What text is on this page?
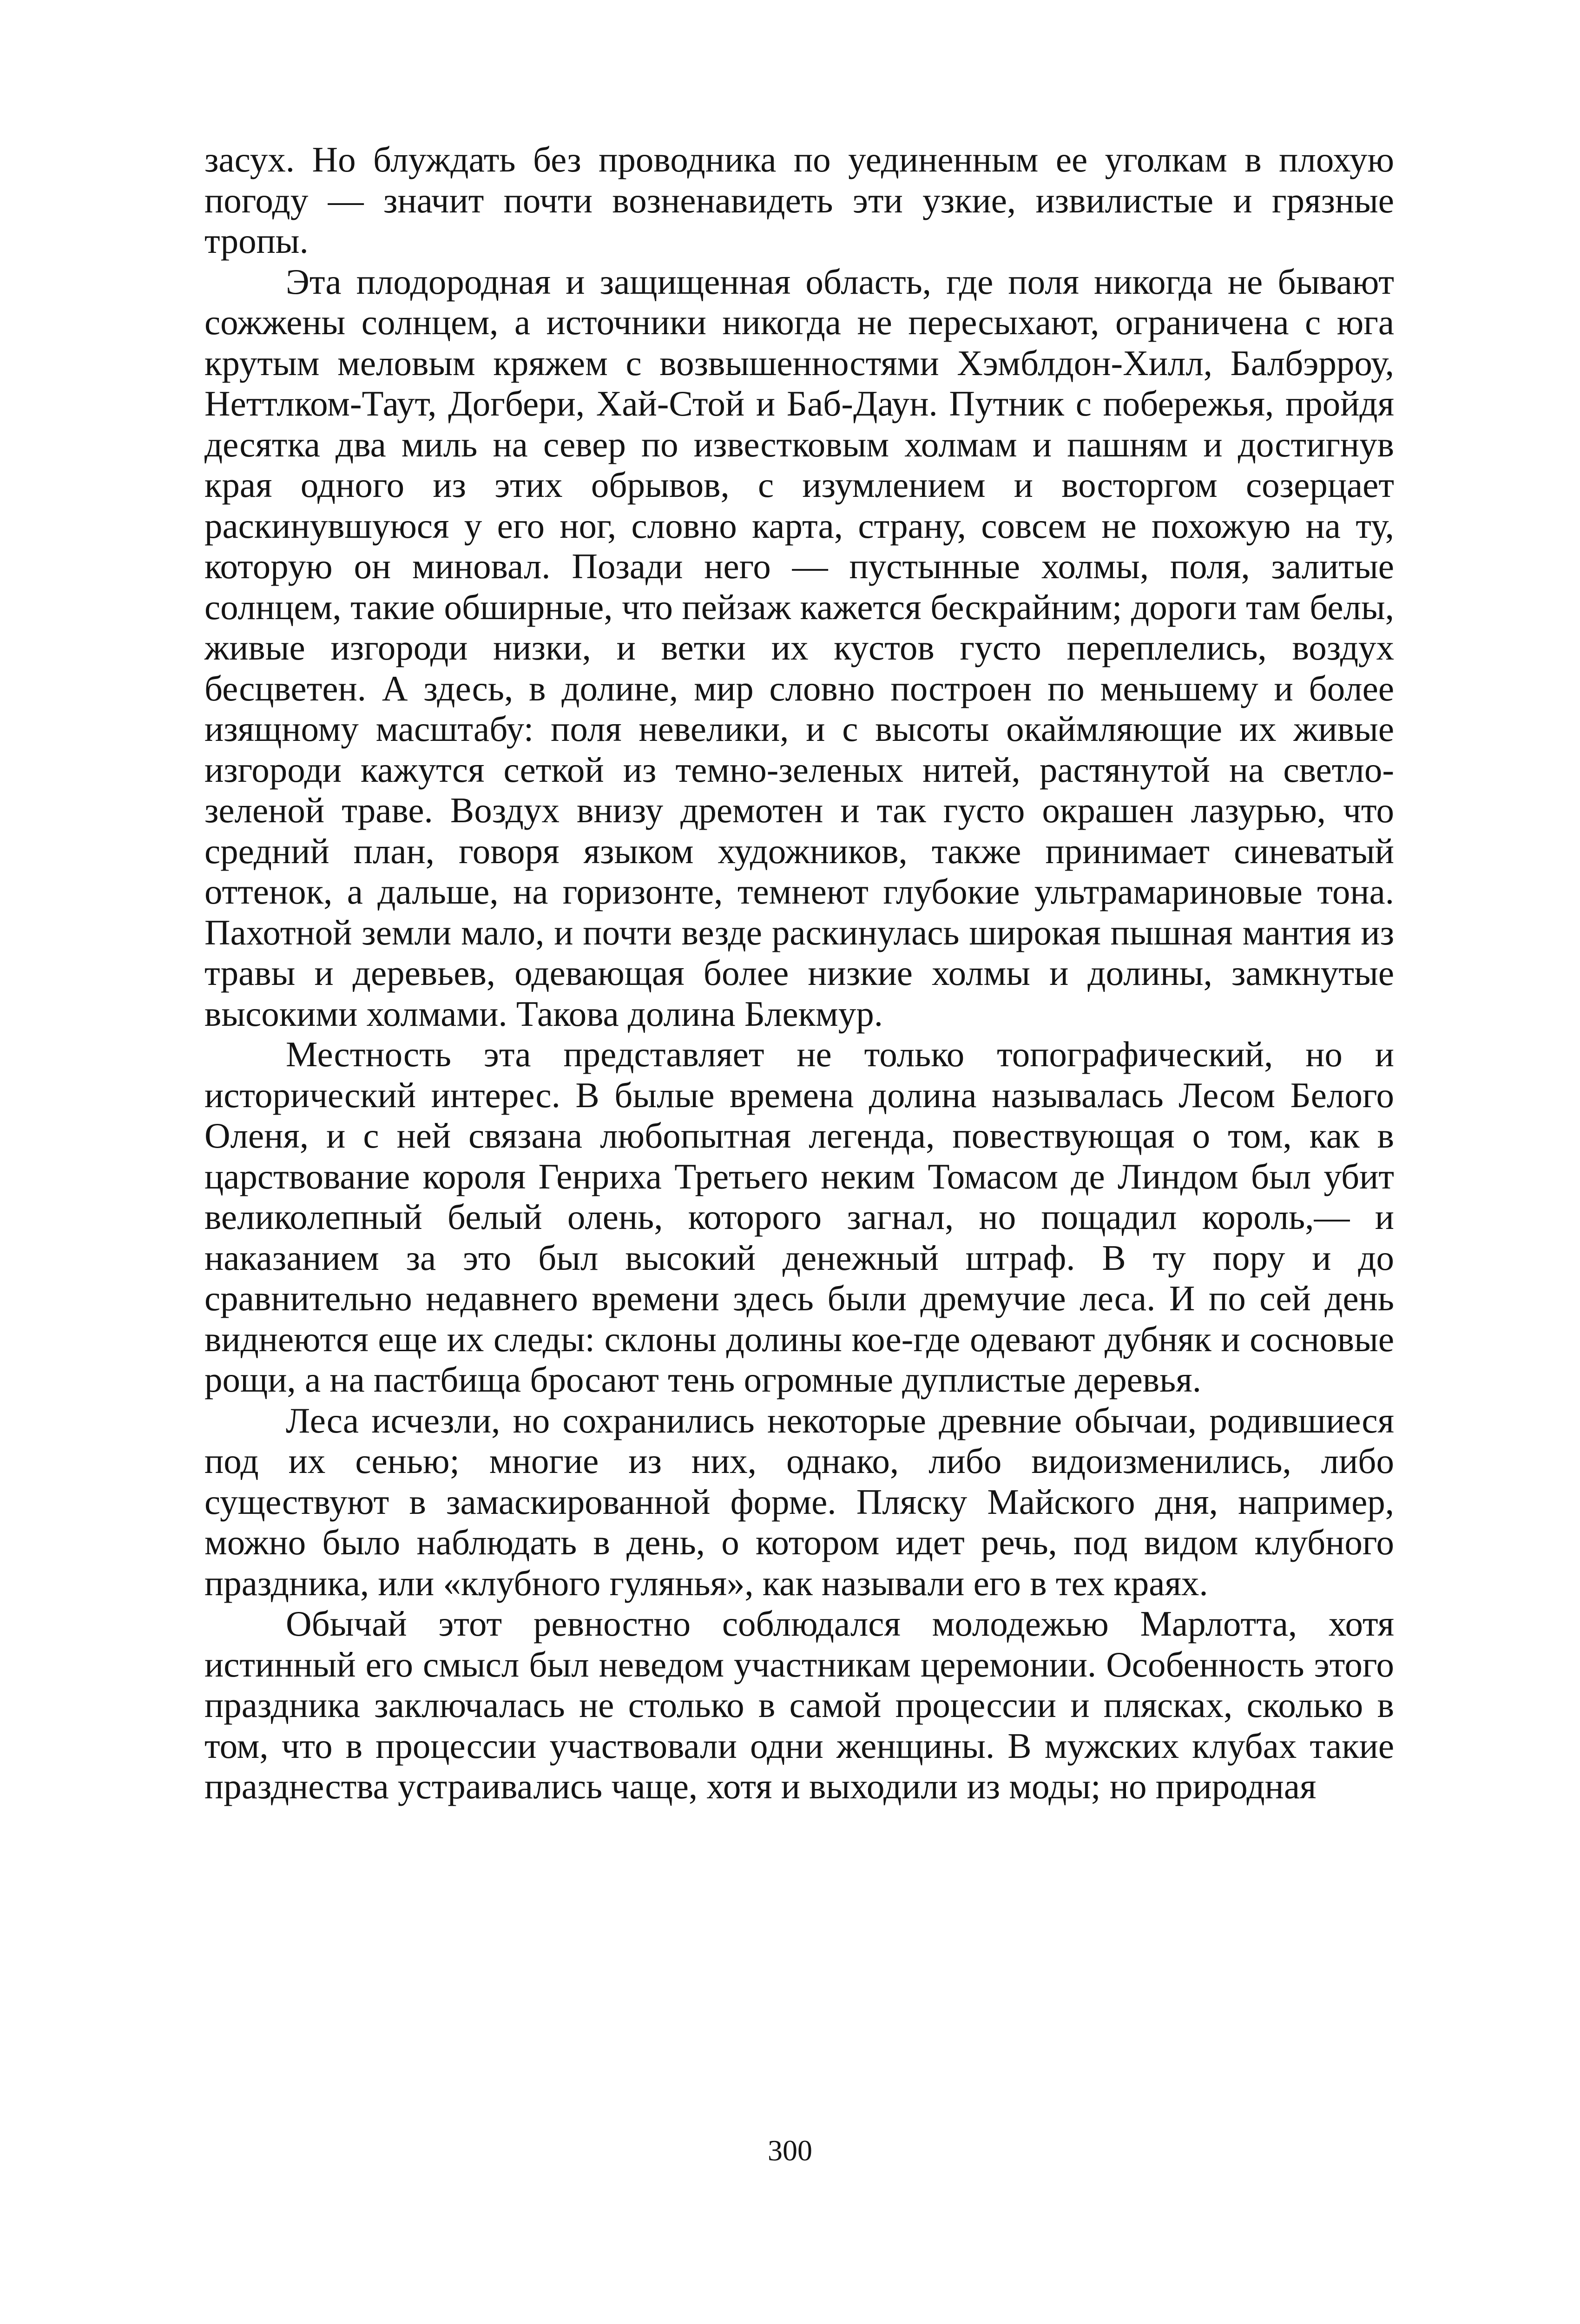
засух. Но блуждать без проводника по уединенным ее уголкам в плохую погоду — значит почти возненавидеть эти узкие, извилистые и грязные тропы.

Эта плодородная и защищенная область, где поля никогда не бывают сожжены солнцем, а источники никогда не пересыхают, ограничена с юга крутым меловым кряжем с возвышенностями Хэмблдон-Хилл, Балбэрроу, Неттлком-Таут, Догбери, Хай-Стой и Баб-Даун. Путник с побережья, пройдя десятка два миль на север по известковым холмам и пашням и достигнув края одного из этих обрывов, с изумлением и восторгом созерцает раскинувшуюся у его ног, словно карта, страну, совсем не похожую на ту, которую он миновал. Позади него — пустынные холмы, поля, залитые солнцем, такие обширные, что пейзаж кажется бескрайним; дороги там белы, живые изгороди низки, и ветки их кустов густо переплелись, воздух бесцветен. А здесь, в долине, мир словно построен по меньшему и более изящному масштабу: поля невелики, и с высоты окаймляющие их живые изгороди кажутся сеткой из темно-зеленых нитей, растянутой на светло-зеленой траве. Воздух внизу дремотен и так густо окрашен лазурью, что средний план, говоря языком художников, также принимает синеватый оттенок, а дальше, на горизонте, темнеют глубокие ультрамариновые тона. Пахотной земли мало, и почти везде раскинулась широкая пышная мантия из травы и деревьев, одевающая более низкие холмы и долины, замкнутые высокими холмами. Такова долина Блекмур.

Местность эта представляет не только топографический, но и исторический интерес. В былые времена долина называлась Лесом Белого Оленя, и с ней связана любопытная легенда, повествующая о том, как в царствование короля Генриха Третьего неким Томасом де Линдом был убит великолепный белый олень, которого загнал, но пощадил король,— и наказанием за это был высокий денежный штраф. В ту пору и до сравнительно недавнего времени здесь были дремучие леса. И по сей день виднеются еще их следы: склоны долины кое-где одевают дубняк и сосновые рощи, а на пастбища бросают тень огромные дуплистые деревья.

Леса исчезли, но сохранились некоторые древние обычаи, родившиеся под их сенью; многие из них, однако, либо видоизменились, либо существуют в замаскированной форме. Пляску Майского дня, например, можно было наблюдать в день, о котором идет речь, под видом клубного праздника, или «клубного гулянья», как называли его в тех краях.

Обычай этот ревностно соблюдался молодежью Марлотта, хотя истинный его смысл был неведом участникам церемонии. Особенность этого праздника заключалась не столько в самой процессии и плясках, сколько в том, что в процессии участвовали одни женщины. В мужских клубах такие празднества устраивались чаще, хотя и выходили из моды; но природная

300
